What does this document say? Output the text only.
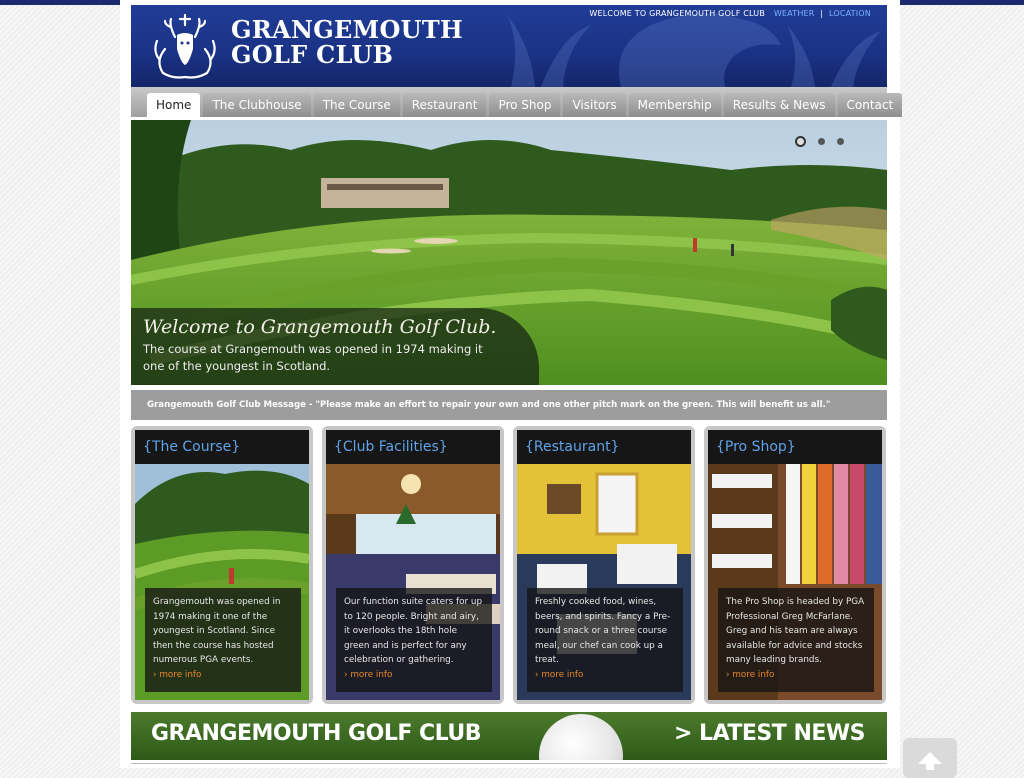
GRANGEMOUTH
GOLF CLUB
WELCOME TO GRANGEMOUTH GOLF CLUB WEATHER | LOCATION
Home	The Clubhouse	The Course	Restaurant	Pro Shop	Visitors	Membership	Results & News	Contact
Welcome to Grangemouth Golf Club.

The course at Grangemouth was opened in 1974 making it one of the youngest in Scotland.

Grangemouth Golf Club Message - "Please make an effort to repair your own and one other pitch mark on the green. This will benefit us all."
{The Course}
Grangemouth was opened in 1974 making it one of the youngest in Scotland. Since then the course has hosted numerous PGA events.
› more info
{Club Facilities}
Our function suite caters for up to 120 people. Bright and airy, it overlooks the 18th hole green and is perfect for any celebration or gathering.
› more info
{Restaurant}
Freshly cooked food, wines, beers, and spirits. Fancy a Pre-round snack or a three course meal, our chef can cook up a treat.
› more info
{Pro Shop}
The Pro Shop is headed by PGA Professional Greg McFarlane. Greg and his team are always available for advice and stocks many leading brands.
› more info
GRANGEMOUTH GOLF CLUB	> LATEST NEWS
